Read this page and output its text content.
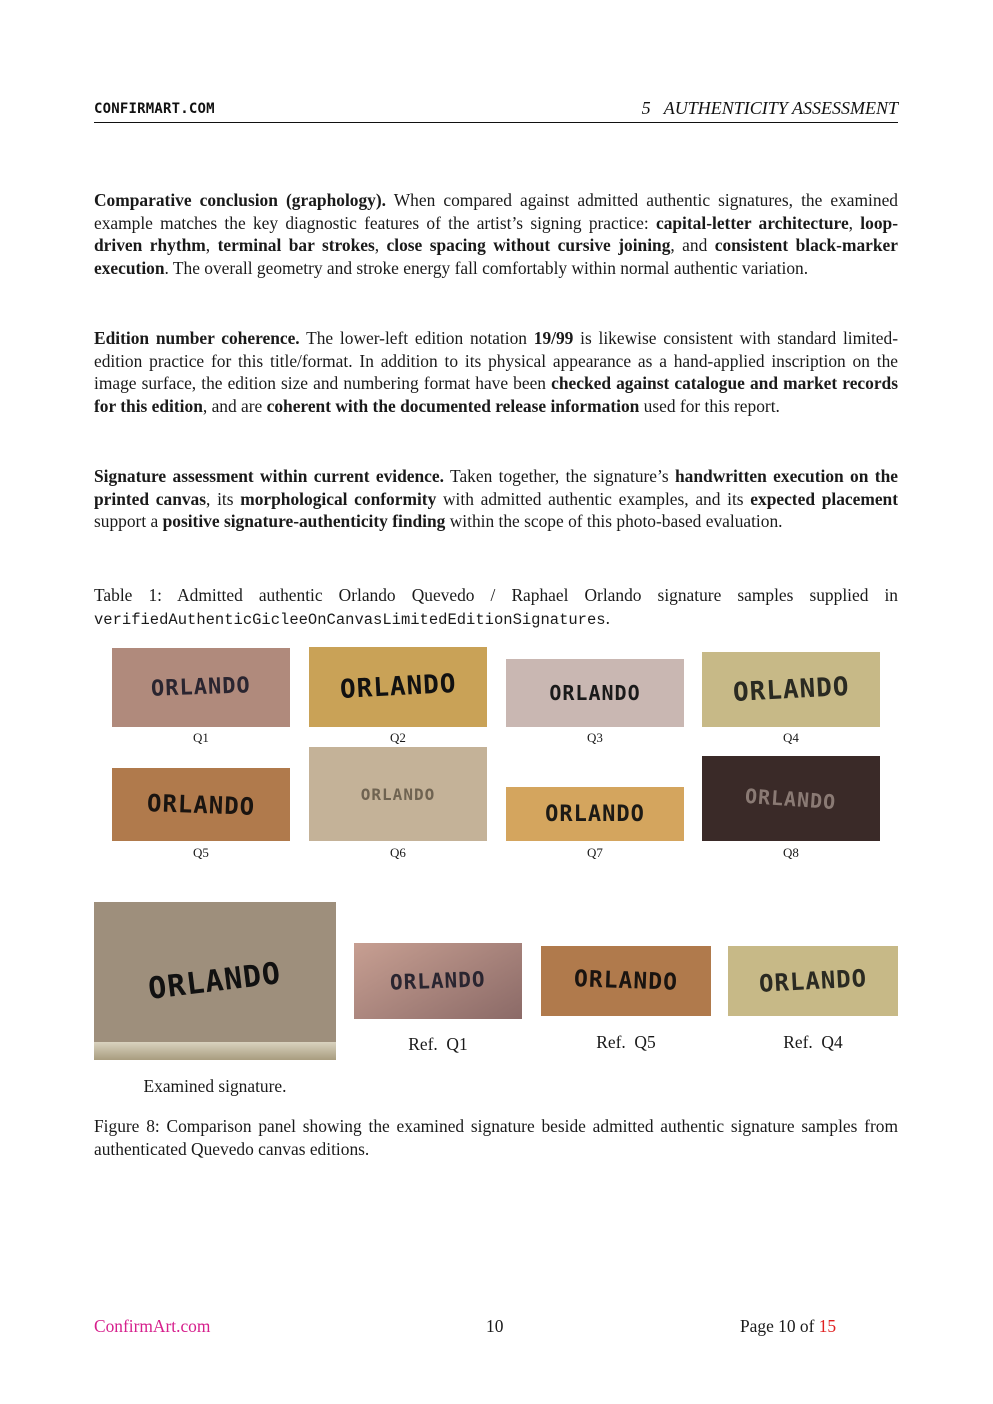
CONFIRMART.COM	5   AUTHENTICITY ASSESSMENT

Comparative conclusion (graphology). When compared against admitted authentic signatures, the examined example matches the key diagnostic features of the artist’s signing practice: capital-letter architecture, loop-driven rhythm, terminal bar strokes, close spacing without cursive joining, and consistent black-marker execution. The overall geometry and stroke energy fall comfortably within normal authentic variation.

Edition number coherence. The lower-left edition notation 19/99 is likewise consistent with standard limited-edition practice for this title/format. In addition to its physical appearance as a hand-applied inscription on the image surface, the edition size and numbering format have been checked against catalogue and market records for this edition, and are coherent with the documented release information used for this report.

Signature assessment within current evidence. Taken together, the signature’s handwritten execution on the printed canvas, its morphological conformity with admitted authentic examples, and its expected placement support a positive signature-authenticity finding within the scope of this photo-based evaluation.

Table 1: Admitted authentic Orlando Quevedo / Raphael Orlando signature samples supplied in verifiedAuthenticGicleeOnCanvasLimitedEditionSignatures.

ORLANDO
Q1
ORLANDO
Q2
ORLANDO
Q3
ORLANDO
Q4
ORLANDO
Q5
ORLANDO
Q6
ORLANDO
Q7
ORLANDO
Q8
ORLANDO
Examined signature.
ORLANDO
Ref.  Q1
ORLANDO
Ref.  Q5
ORLANDO
Ref.  Q4

Figure 8: Comparison panel showing the examined signature beside admitted authentic signature samples from authenticated Quevedo canvas editions.

ConfirmArt.com	10	Page 10 of 15
